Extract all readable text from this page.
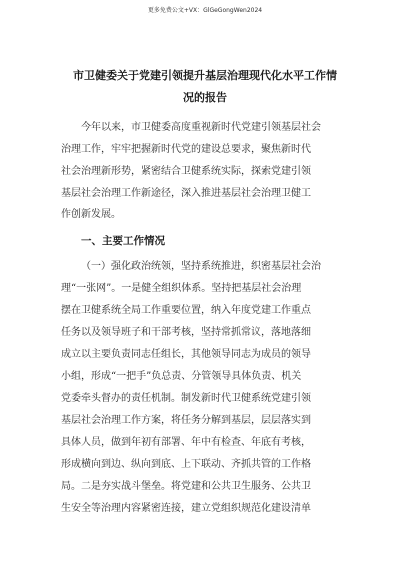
更多免费公文+VX：GlGeGongWen2024
市卫健委关于党建引领提升基层治理现代化水平工作情
况的报告
今年以来，市卫健委高度重视新时代党建引领基层社会
治理工作，牢牢把握新时代党的建设总要求，聚焦新时代
社会治理新形势，紧密结合卫健系统实际，探索党建引领
基层社会治理工作新途径，深入推进基层社会治理卫健工
作创新发展。
一、主要工作情况
（一）强化政治统领，坚持系统推进，织密基层社会治
理“一张网”。一是健全组织体系。坚持把基层社会治理
摆在卫健系统全局工作重要位置，纳入年度党建工作重点
任务以及领导班子和干部考核，坚持常抓常议，落地落细
成立以主要负责同志任组长，其他领导同志为成员的领导
小组，形成“一把手”负总责、分管领导具体负责、机关
党委牵头督办的责任机制。制发新时代卫健系统党建引领
基层社会治理工作方案，将任务分解到基层，层层落实到
具体人员，做到年初有部署、年中有检查、年底有考核，
形成横向到边、纵向到底、上下联动、齐抓共管的工作格
局。二是夯实战斗堡垒。将党建和公共卫生服务、公共卫
生安全等治理内容紧密连接，建立党组织规范化建设清单
